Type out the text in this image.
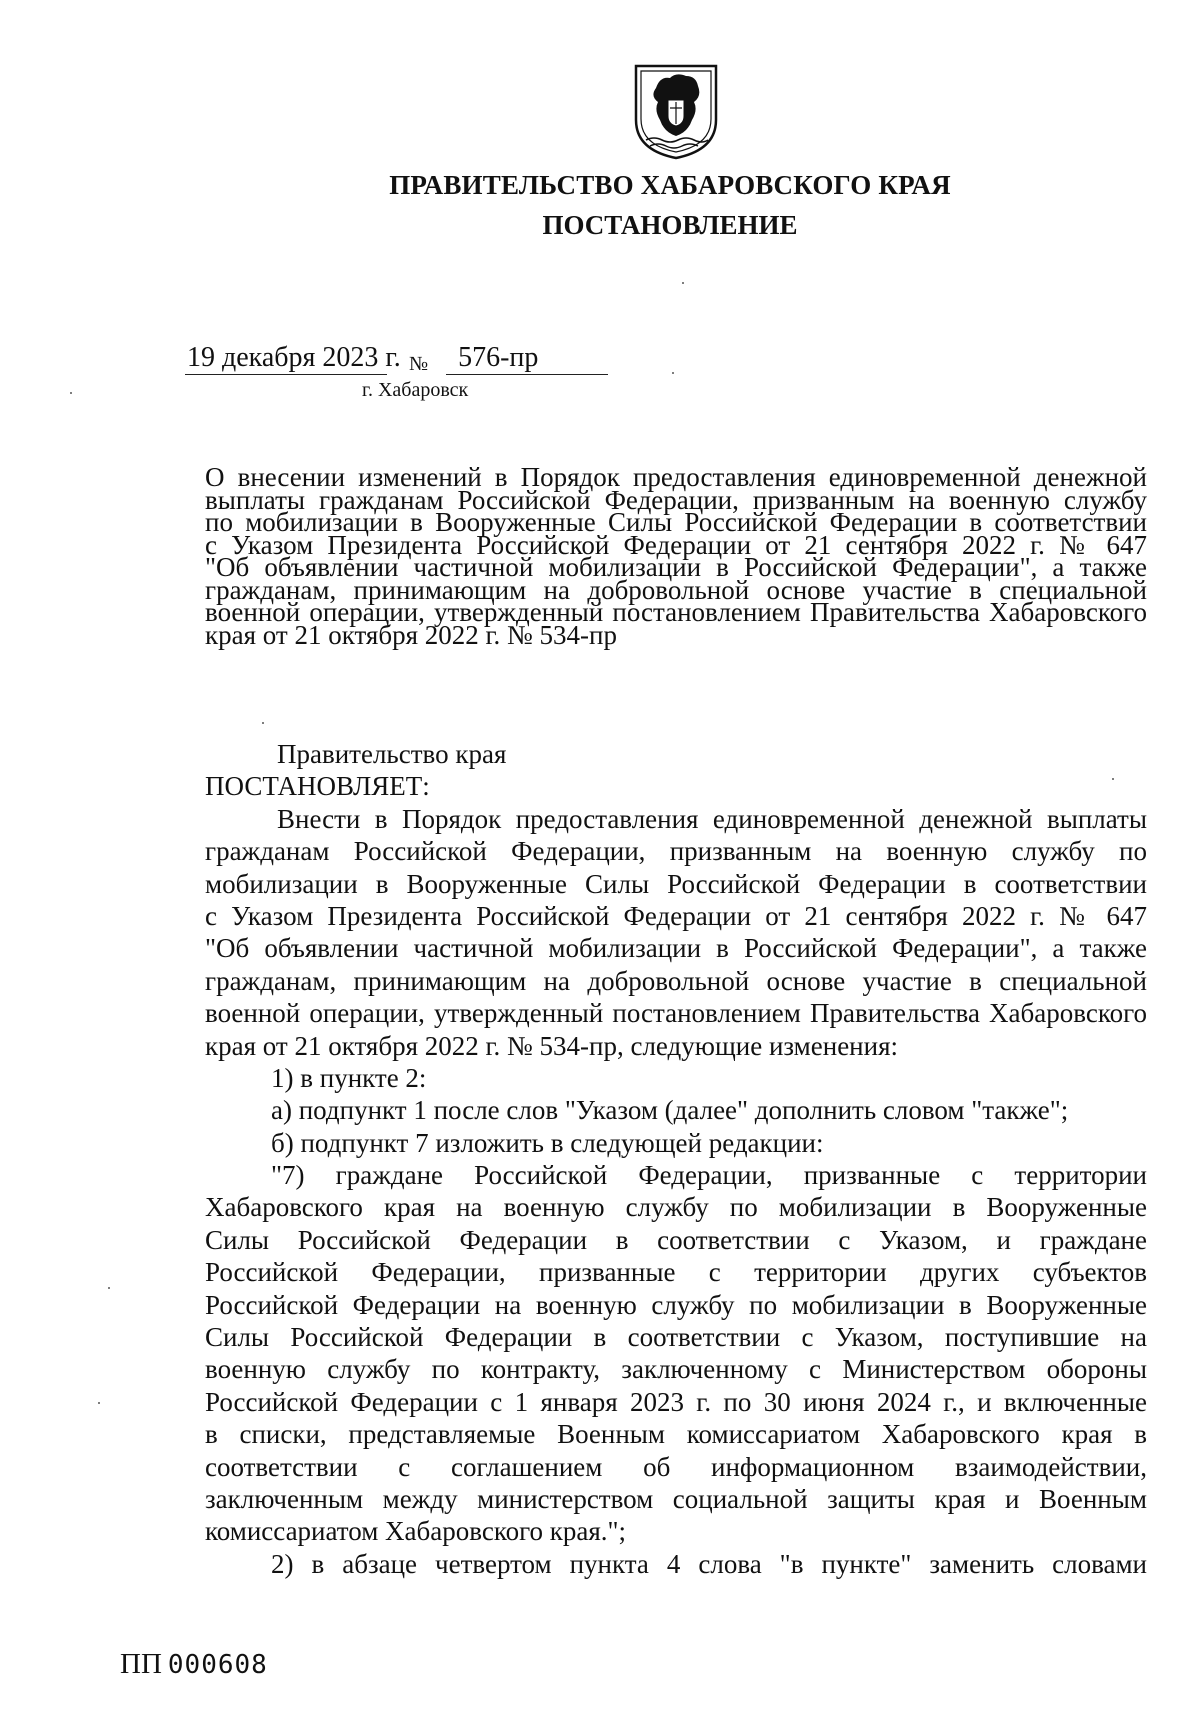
ПРАВИТЕЛЬСТВО ХАБАРОВСКОГО КРАЯ
ПОСТАНОВЛЕНИЕ
19 декабря 2023 г. № 576-пр
г. Хабаровск
О внесении изменений в Порядок предоставления единовременной денежной
выплаты гражданам Российской Федерации, призванным на военную службу
по мобилизации в Вооруженные Силы Российской Федерации в соответствии
с Указом Президента Российской Федерации от 21 сентября 2022 г. № 647
"Об объявлении частичной мобилизации в Российской Федерации", а также
гражданам, принимающим на добровольной основе участие в специальной
военной операции, утвержденный постановлением Правительства Хабаровского
края от 21 октября 2022 г. № 534-пр
Правительство края
ПОСТАНОВЛЯЕТ:
Внести в Порядок предоставления единовременной денежной выплаты
гражданам Российской Федерации, призванным на военную службу по
мобилизации в Вооруженные Силы Российской Федерации в соответствии
с Указом Президента Российской Федерации от 21 сентября 2022 г. № 647
"Об объявлении частичной мобилизации в Российской Федерации", а также
гражданам, принимающим на добровольной основе участие в специальной
военной операции, утвержденный постановлением Правительства Хабаровского
края от 21 октября 2022 г. № 534-пр, следующие изменения:
1) в пункте 2:
а) подпункт 1 после слов "Указом (далее" дополнить словом "также";
б) подпункт 7 изложить в следующей редакции:
"7) граждане Российской Федерации, призванные с территории
Хабаровского края на военную службу по мобилизации в Вооруженные
Силы Российской Федерации в соответствии с Указом, и граждане
Российской Федерации, призванные с территории других субъектов
Российской Федерации на военную службу по мобилизации в Вооруженные
Силы Российской Федерации в соответствии с Указом, поступившие на
военную службу по контракту, заключенному с Министерством обороны
Российской Федерации с 1 января 2023 г. по 30 июня 2024 г., и включенные
в списки, представляемые Военным комиссариатом Хабаровского края в
соответствии с соглашением об информационном взаимодействии,
заключенным между министерством социальной защиты края и Военным
комиссариатом Хабаровского края.";
2) в абзаце четвертом пункта 4 слова "в пункте" заменить словами
ПП 000608
